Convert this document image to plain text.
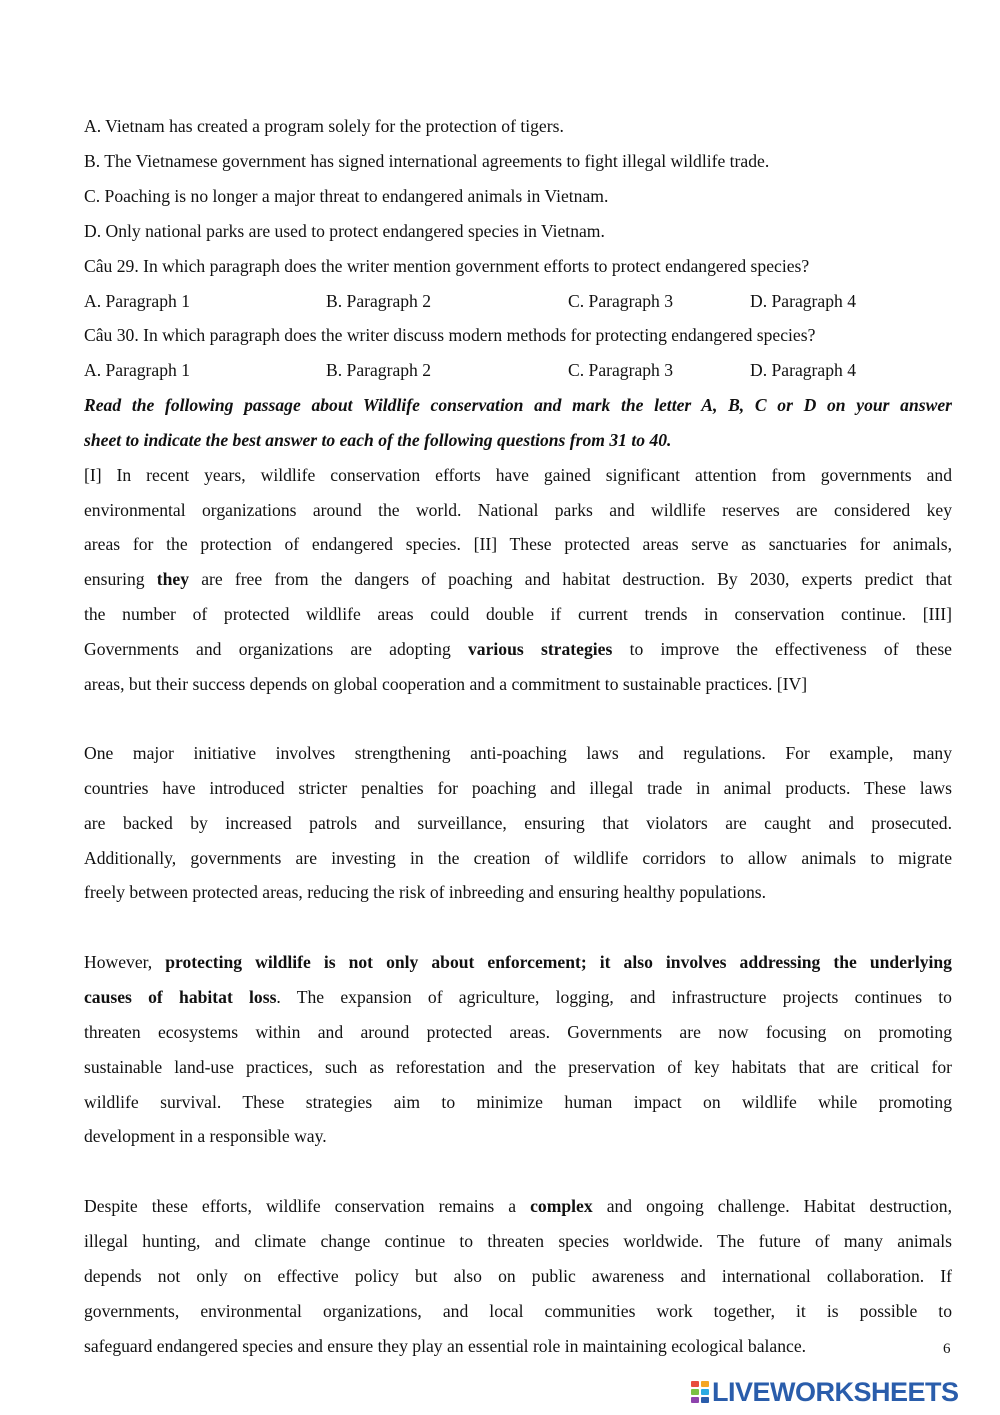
A. Vietnam has created a program solely for the protection of tigers.
B. The Vietnamese government has signed international agreements to fight illegal wildlife trade.
C. Poaching is no longer a major threat to endangered animals in Vietnam.
D. Only national parks are used to protect endangered species in Vietnam.
Câu 29. In which paragraph does the writer mention government efforts to protect endangered species?
A. Paragraph 1	B. Paragraph 2	C. Paragraph 3	D. Paragraph 4
Câu 30. In which paragraph does the writer discuss modern methods for protecting endangered species?
A. Paragraph 1	B. Paragraph 2	C. Paragraph 3	D. Paragraph 4
Read the following passage about Wildlife conservation and mark the letter A, B, C or D on your answer
sheet to indicate the best answer to each of the following questions from 31 to 40.
[I] In recent years, wildlife conservation efforts have gained significant attention from governments and
environmental organizations around the world. National parks and wildlife reserves are considered key
areas for the protection of endangered species. [II] These protected areas serve as sanctuaries for animals,
ensuring they are free from the dangers of poaching and habitat destruction. By 2030, experts predict that
the number of protected wildlife areas could double if current trends in conservation continue. [III]
Governments and organizations are adopting various strategies to improve the effectiveness of these
areas, but their success depends on global cooperation and a commitment to sustainable practices. [IV]
One major initiative involves strengthening anti-poaching laws and regulations. For example, many
countries have introduced stricter penalties for poaching and illegal trade in animal products. These laws
are backed by increased patrols and surveillance, ensuring that violators are caught and prosecuted.
Additionally, governments are investing in the creation of wildlife corridors to allow animals to migrate
freely between protected areas, reducing the risk of inbreeding and ensuring healthy populations.
However, protecting wildlife is not only about enforcement; it also involves addressing the underlying
causes of habitat loss. The expansion of agriculture, logging, and infrastructure projects continues to
threaten ecosystems within and around protected areas. Governments are now focusing on promoting
sustainable land-use practices, such as reforestation and the preservation of key habitats that are critical for
wildlife survival. These strategies aim to minimize human impact on wildlife while promoting
development in a responsible way.
Despite these efforts, wildlife conservation remains a complex and ongoing challenge. Habitat destruction,
illegal hunting, and climate change continue to threaten species worldwide. The future of many animals
depends not only on effective policy but also on public awareness and international collaboration. If
governments, environmental organizations, and local communities work together, it is possible to
safeguard endangered species and ensure they play an essential role in maintaining ecological balance.	6
LIVEWORKSHEETS
